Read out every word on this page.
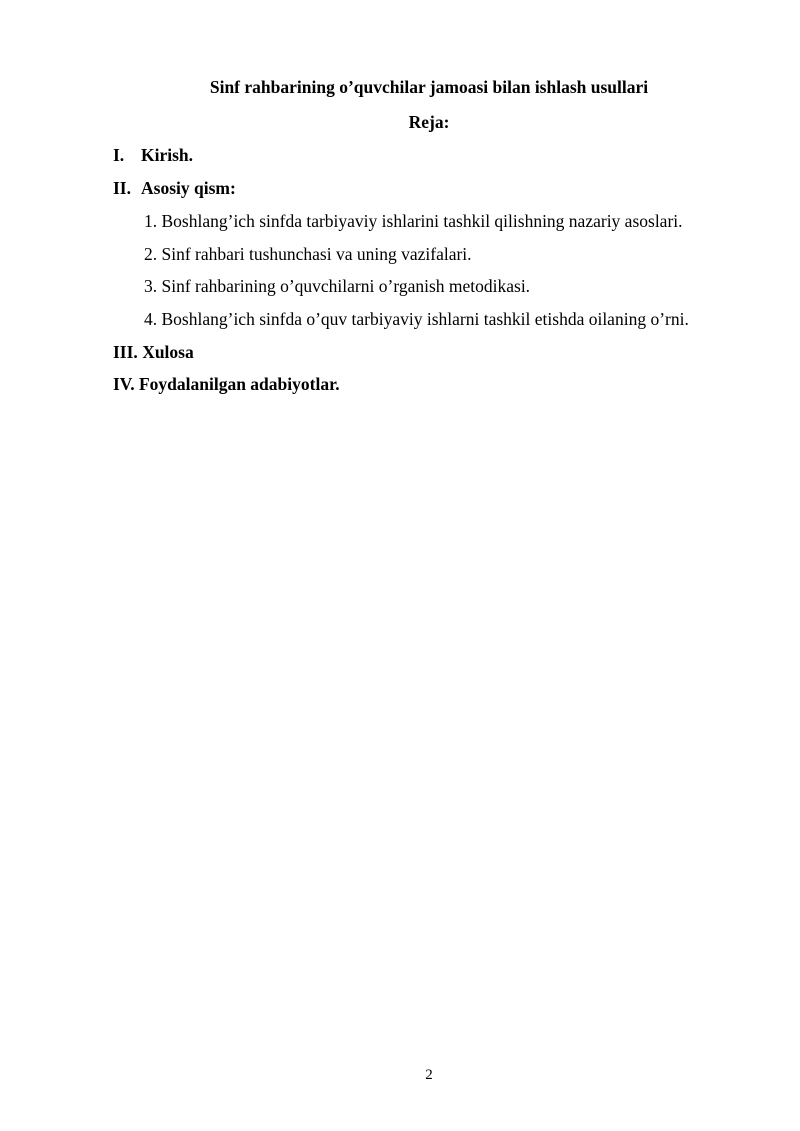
Sinf rahbarining o’quvchilar jamoasi bilan ishlash usullari
Reja:
I. Kirish.
II. Asosiy qism:
1. Boshlang’ich sinfda tarbiyaviy ishlarini tashkil qilishning nazariy asoslari.
2. Sinf rahbari tushunchasi va uning vazifalari.
3. Sinf rahbarining o’quvchilarni o’rganish metodikasi.
4. Boshlang’ich sinfda o’quv tarbiyaviy ishlarni tashkil etishda oilaning o’rni.
III. Xulosa
IV. Foydalanilgan adabiyotlar.
2
